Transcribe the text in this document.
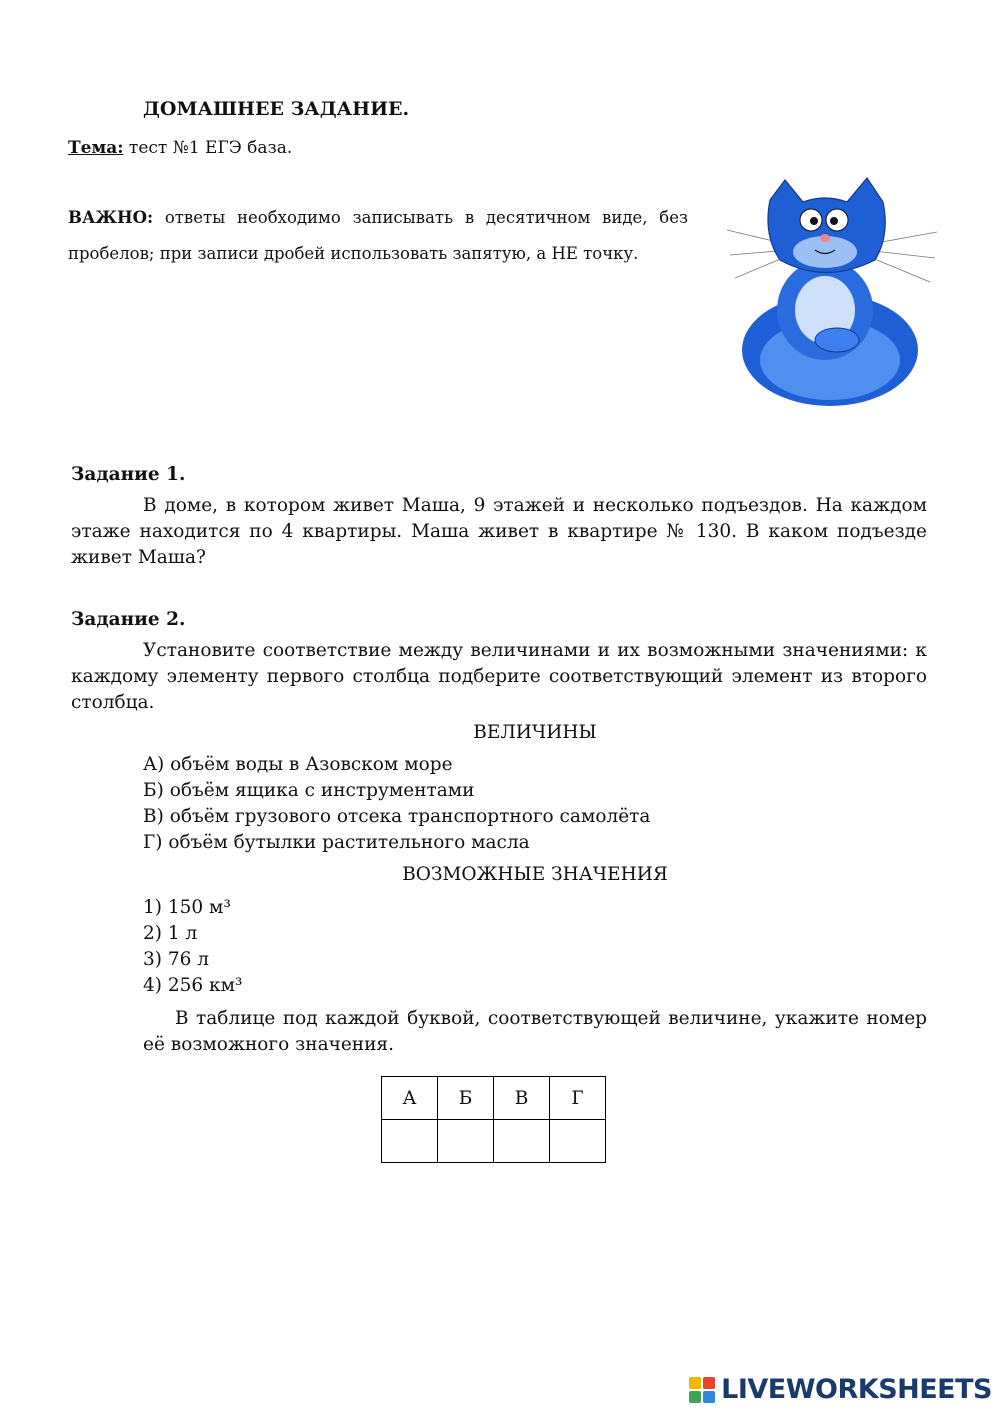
ДОМАШНЕЕ ЗАДАНИЕ.
Тема: тест №1 ЕГЭ база.
ВАЖНО: ответы необходимо записывать в десятичном виде, без пробелов; при записи дробей использовать запятую, а НЕ точку.
Задание 1.
В доме, в котором живет Маша, 9 этажей и несколько подъездов. На каждом этаже находится по 4 квартиры. Маша живет в квартире № 130. В каком подъезде живет Маша?
Задание 2.
Установите соответствие между величинами и их возможными значениями: к каждому элементу первого столбца подберите соответствующий элемент из второго столбца.
ВЕЛИЧИНЫ
А) объём воды в Азовском море
Б) объём ящика с инструментами
В) объём грузового отсека транспортного самолёта
Г) объём бутылки растительного масла
ВОЗМОЖНЫЕ ЗНАЧЕНИЯ
1) 150 м³
2) 1 л
3) 76 л
4) 256 км³
В таблице под каждой буквой, соответствующей величине, укажите номер её возможного значения.
А	Б	В	Г

LIVEWORKSHEETS
